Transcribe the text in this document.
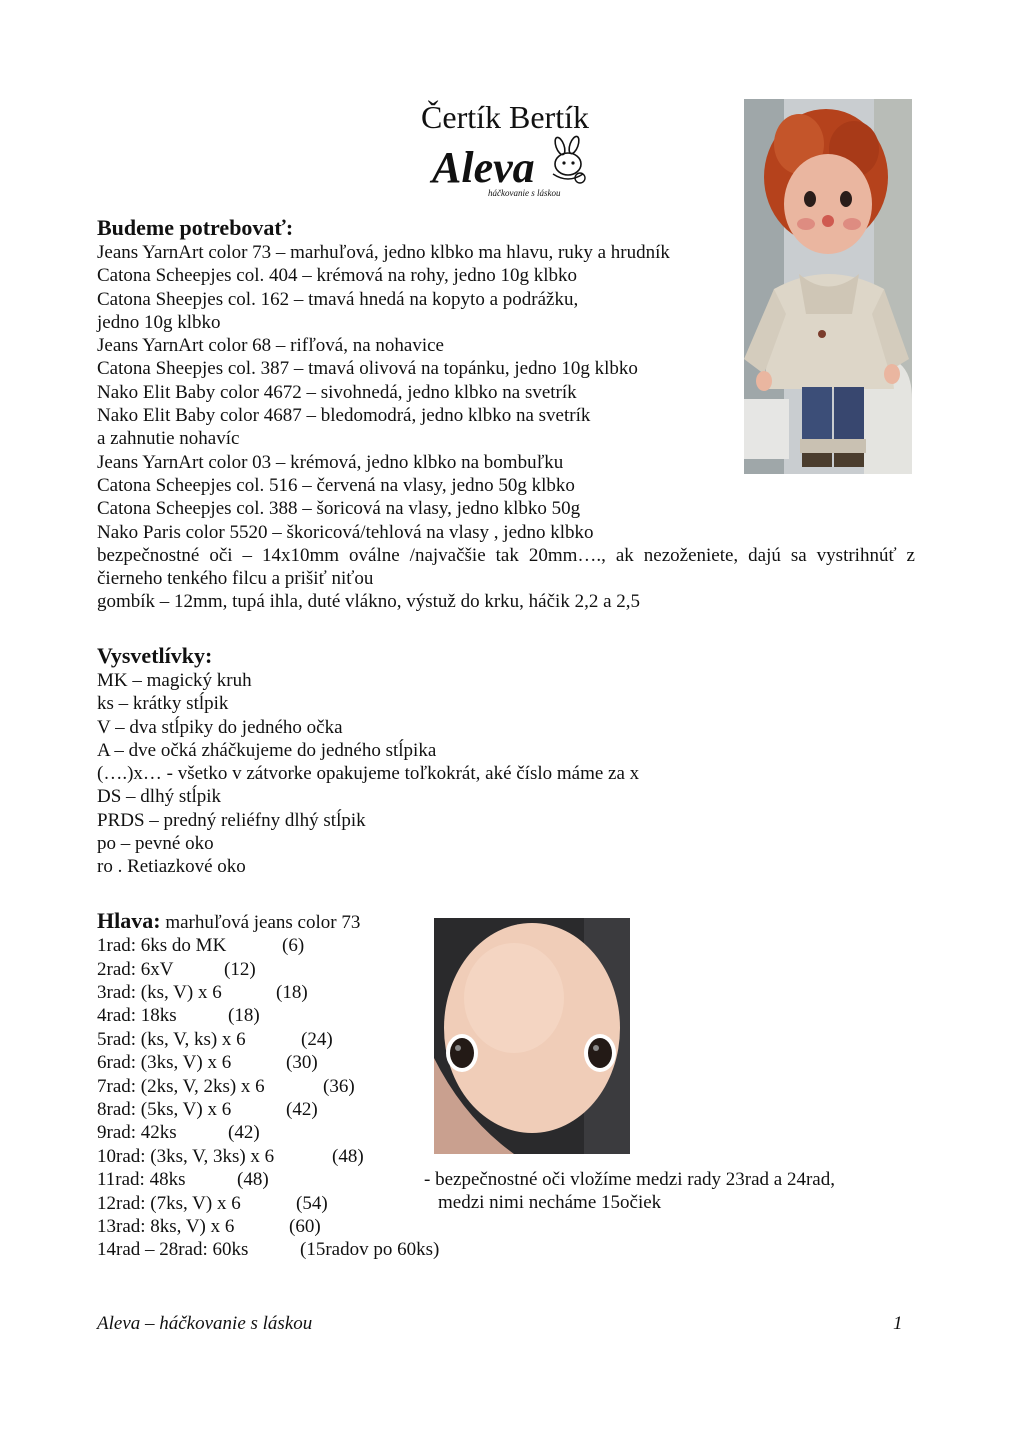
Čertík Bertík
Aleva
háčkovanie s láskou
Budeme potrebovať:
Jeans YarnArt color 73 – marhuľová, jedno klbko ma hlavu, ruky a hrudník
Catona Scheepjes col. 404 – krémová na rohy, jedno 10g klbko
Catona Sheepjes col. 162 – tmavá hnedá na kopyto a podrážku,
jedno 10g klbko
Jeans YarnArt color 68 – rifľová, na nohavice
Catona Sheepjes col. 387 – tmavá olivová na topánku, jedno 10g klbko
Nako Elit Baby color 4672 – sivohnedá, jedno klbko na svetrík
Nako Elit Baby color 4687 – bledomodrá, jedno klbko na svetrík
a zahnutie nohavíc
Jeans YarnArt color 03 – krémová, jedno klbko na bombuľku
Catona Scheepjes col. 516 – červená na vlasy, jedno 50g klbko
Catona Scheepjes col. 388 – šoricová na vlasy, jedno klbko 50g
Nako Paris color 5520 – škoricová/tehlová na vlasy , jedno klbko
bezpečnostné oči – 14x10mm oválne /najvačšie tak 20mm…., ak nezoženiete, dajú sa vystrihnúť z čierneho tenkého filcu a prišiť niťou
gombík – 12mm, tupá ihla, duté vlákno, výstuž do krku, háčik 2,2 a 2,5
Vysvetlívky:
MK – magický kruh
ks – krátky stĺpik
V – dva stĺpiky do jedného očka
A – dve očká zháčkujeme do jedného stĺpika
(….)x… - všetko v zátvorke opakujeme toľkokrát, aké číslo máme za x
DS – dlhý stĺpik
PRDS – predný reliéfny dlhý stĺpik
po – pevné oko
ro . Retiazkové oko
Hlava: marhuľová jeans color 73
1rad: 6ks do MK	(6)
2rad: 6xV	(12)
3rad: (ks, V) x 6	(18)
4rad: 18ks	(18)
5rad: (ks, V, ks) x 6	(24)
6rad: (3ks, V) x 6	(30)
7rad: (2ks, V, 2ks) x 6	(36)
8rad: (5ks, V) x 6	(42)
9rad: 42ks	(42)
10rad: (3ks, V, 3ks) x 6	(48)
11rad: 48ks	(48)
12rad: (7ks, V) x 6	(54)
13rad: 8ks, V) x 6	(60)
14rad – 28rad: 60ks	(15radov po 60ks)
- bezpečnostné oči vložíme medzi rady 23rad a 24rad,
medzi nimi necháme 15očiek
Aleva – háčkovanie s láskou	1
